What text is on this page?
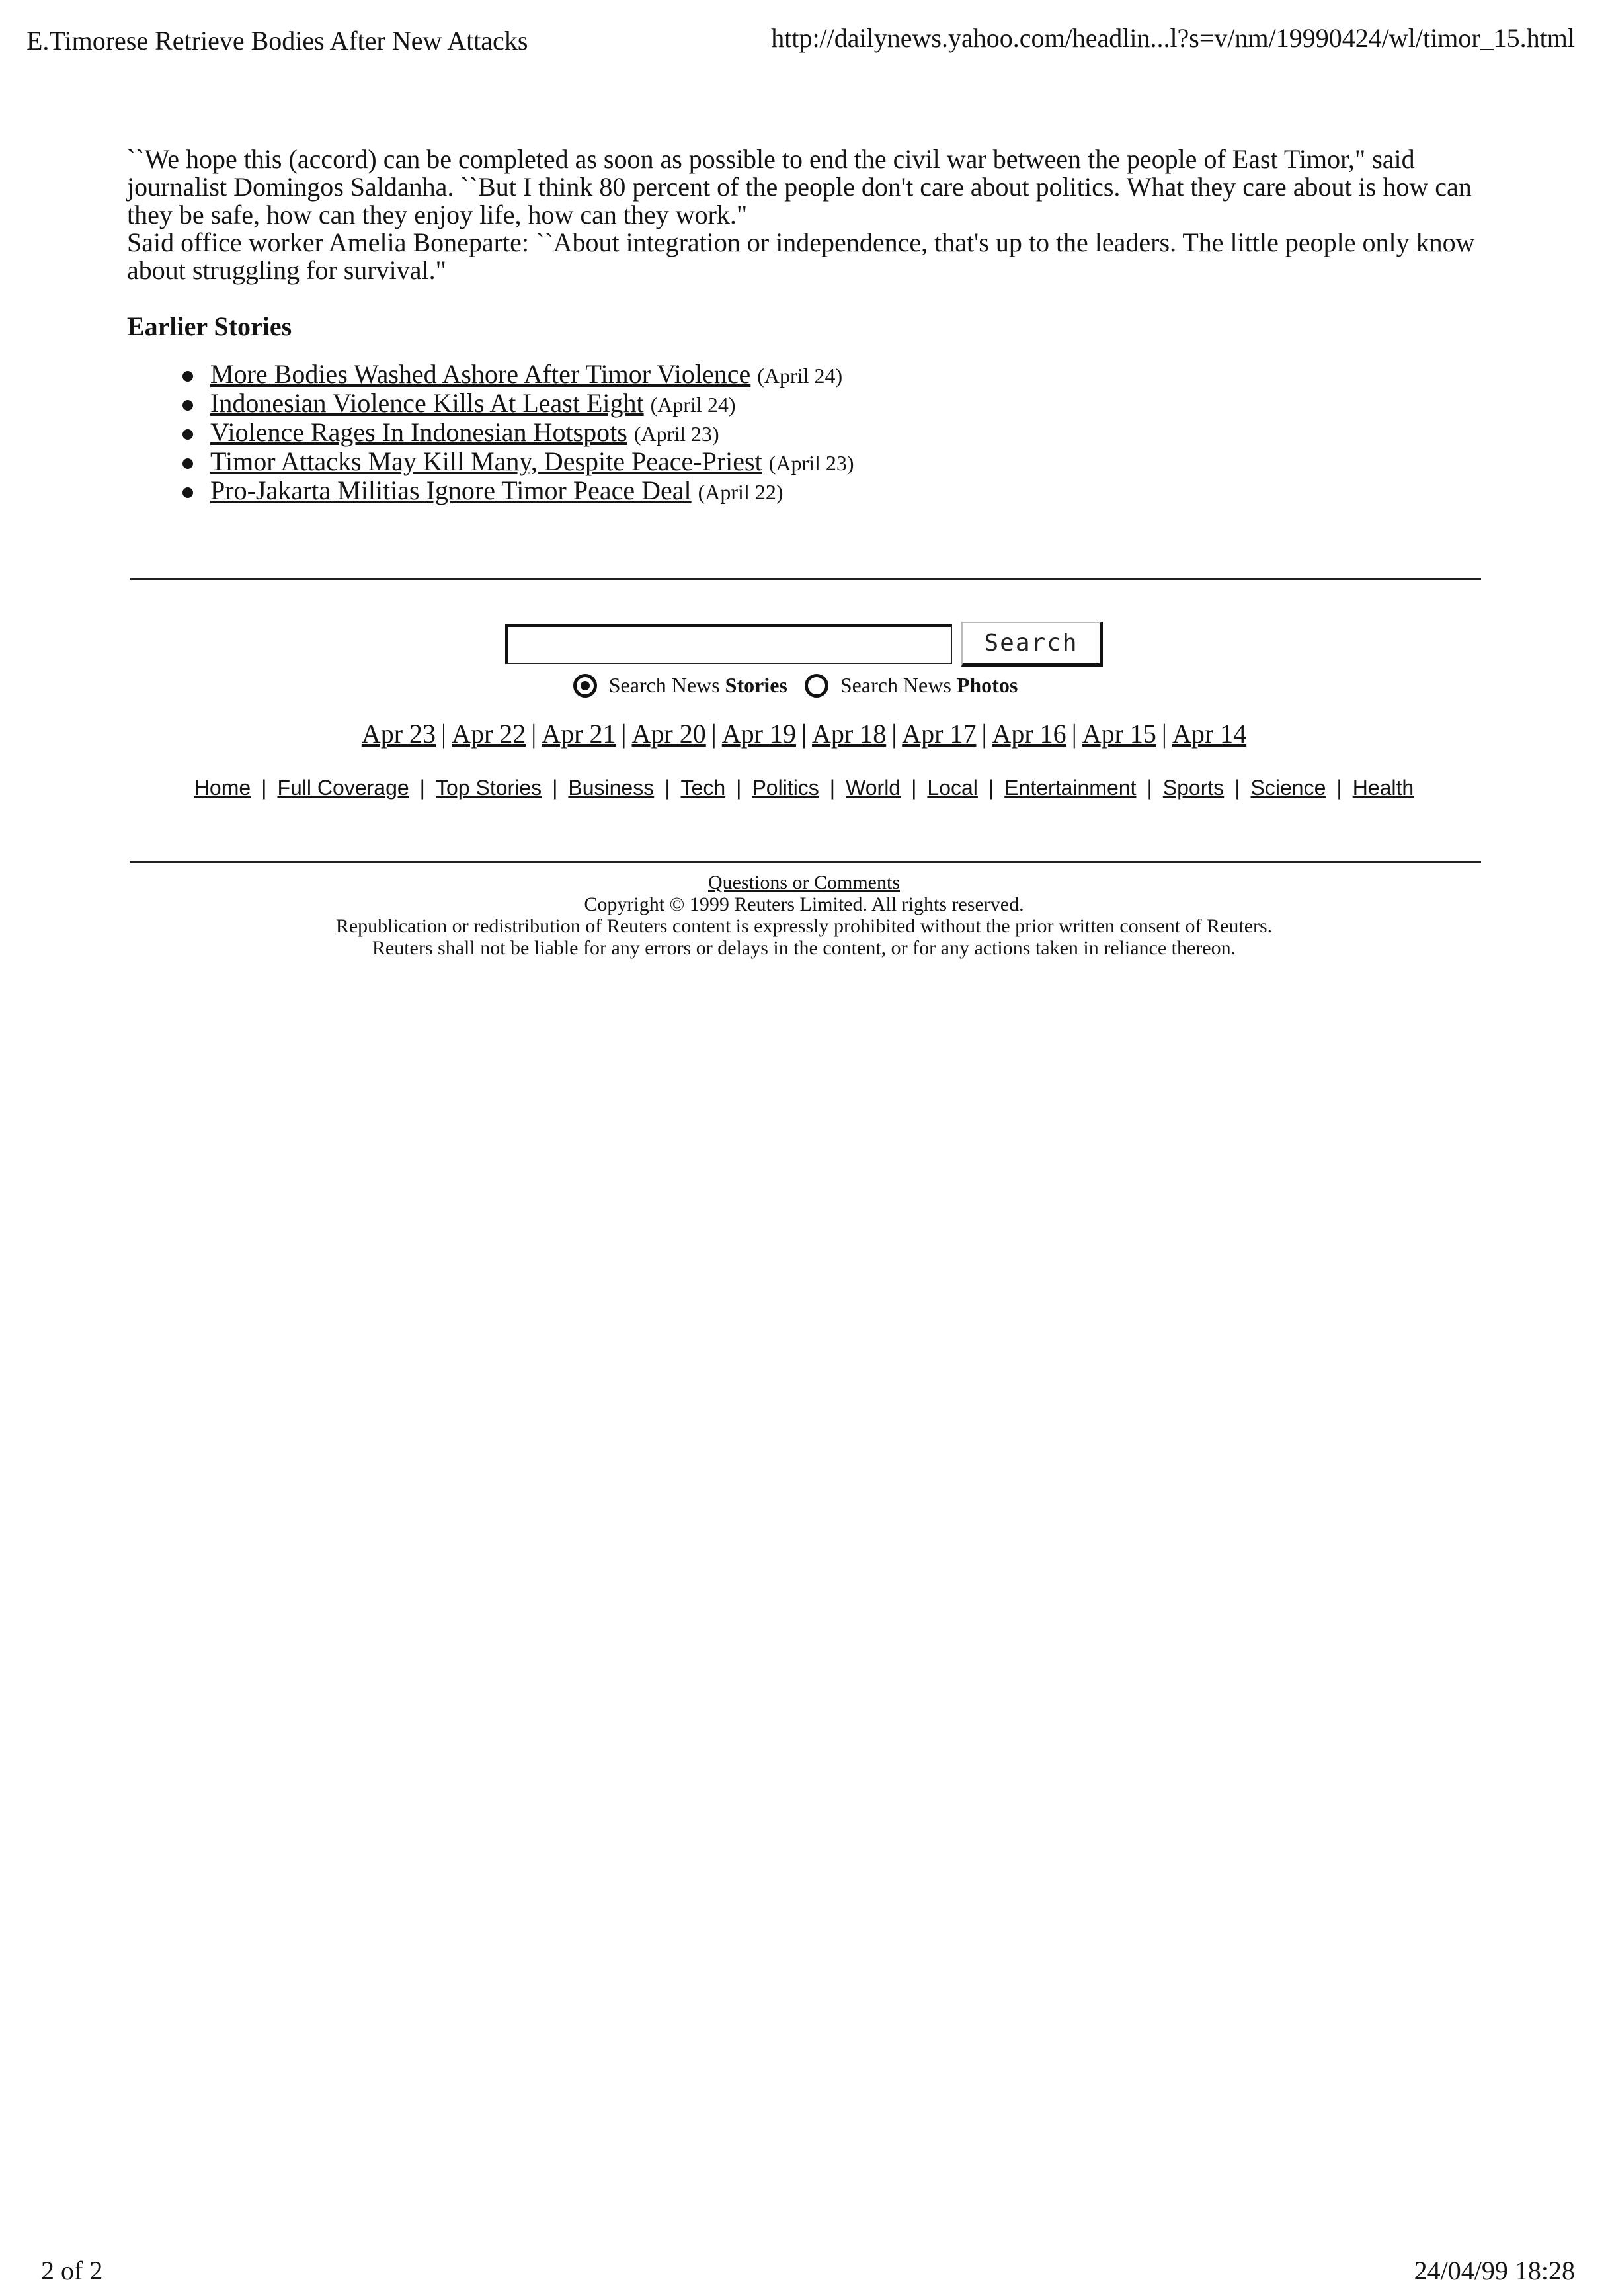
E.Timorese Retrieve Bodies After New Attacks	http://dailynews.yahoo.com/headlin...l?s=v/nm/19990424/wl/timor_15.html

``We hope this (accord) can be completed as soon as possible to end the civil war between the people of East Timor," said journalist Domingos Saldanha. ``But I think 80 percent of the people don't care about politics. What they care about is how can they be safe, how can they enjoy life, how can they work."

Said office worker Amelia Boneparte: ``About integration or independence, that's up to the leaders. The little people only know about struggling for survival."

Earlier Stories
More Bodies Washed Ashore After Timor Violence (April 24)
Indonesian Violence Kills At Least Eight (April 24)
Violence Rages In Indonesian Hotspots (April 23)
Timor Attacks May Kill Many, Despite Peace-Priest (April 23)
Pro-Jakarta Militias Ignore Timor Peace Deal (April 22)
Search

Search News Stories	Search News Photos
Apr 23 | Apr 22 | Apr 21 | Apr 20 | Apr 19 | Apr 18 | Apr 17 | Apr 16 | Apr 15 | Apr 14
Home | Full Coverage | Top Stories | Business | Tech | Politics | World | Local | Entertainment | Sports | Science | Health
Questions or Comments
Copyright © 1999 Reuters Limited. All rights reserved.
Republication or redistribution of Reuters content is expressly prohibited without the prior written consent of Reuters.
Reuters shall not be liable for any errors or delays in the content, or for any actions taken in reliance thereon.
2 of 2	24/04/99 18:28
